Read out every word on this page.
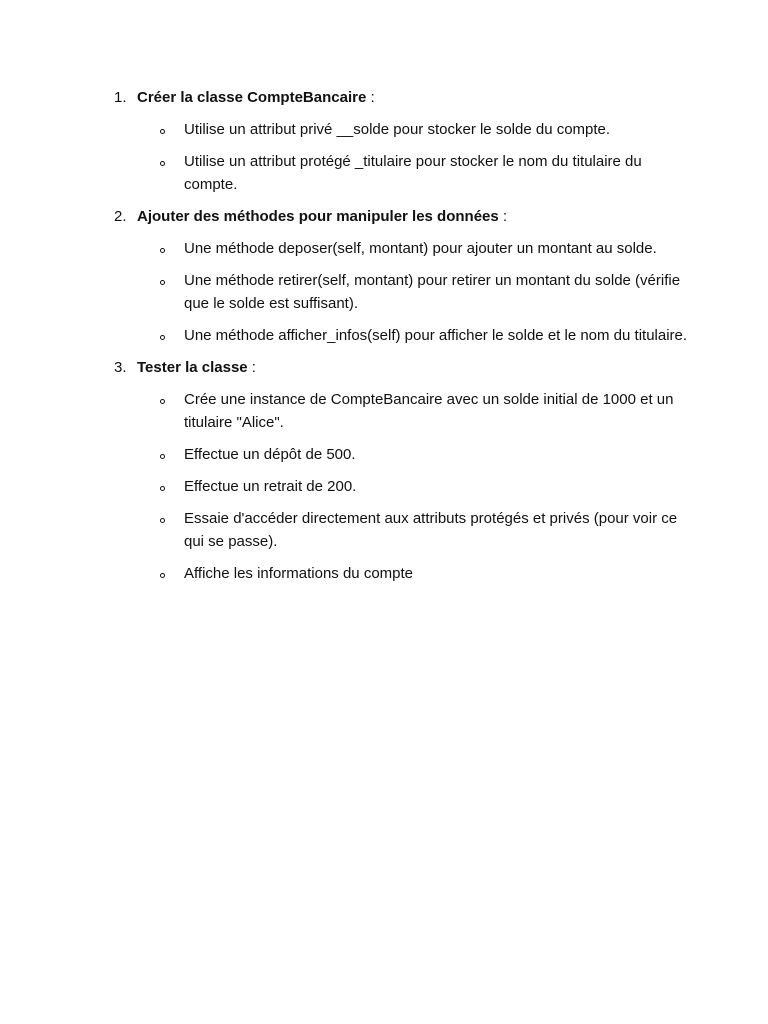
1. Créer la classe CompteBancaire :
Utilise un attribut privé __solde pour stocker le solde du compte.
Utilise un attribut protégé _titulaire pour stocker le nom du titulaire du compte.
2. Ajouter des méthodes pour manipuler les données :
Une méthode deposer(self, montant) pour ajouter un montant au solde.
Une méthode retirer(self, montant) pour retirer un montant du solde (vérifie que le solde est suffisant).
Une méthode afficher_infos(self) pour afficher le solde et le nom du titulaire.
3. Tester la classe :
Crée une instance de CompteBancaire avec un solde initial de 1000 et un titulaire "Alice".
Effectue un dépôt de 500.
Effectue un retrait de 200.
Essaie d'accéder directement aux attributs protégés et privés (pour voir ce qui se passe).
Affiche les informations du compte
